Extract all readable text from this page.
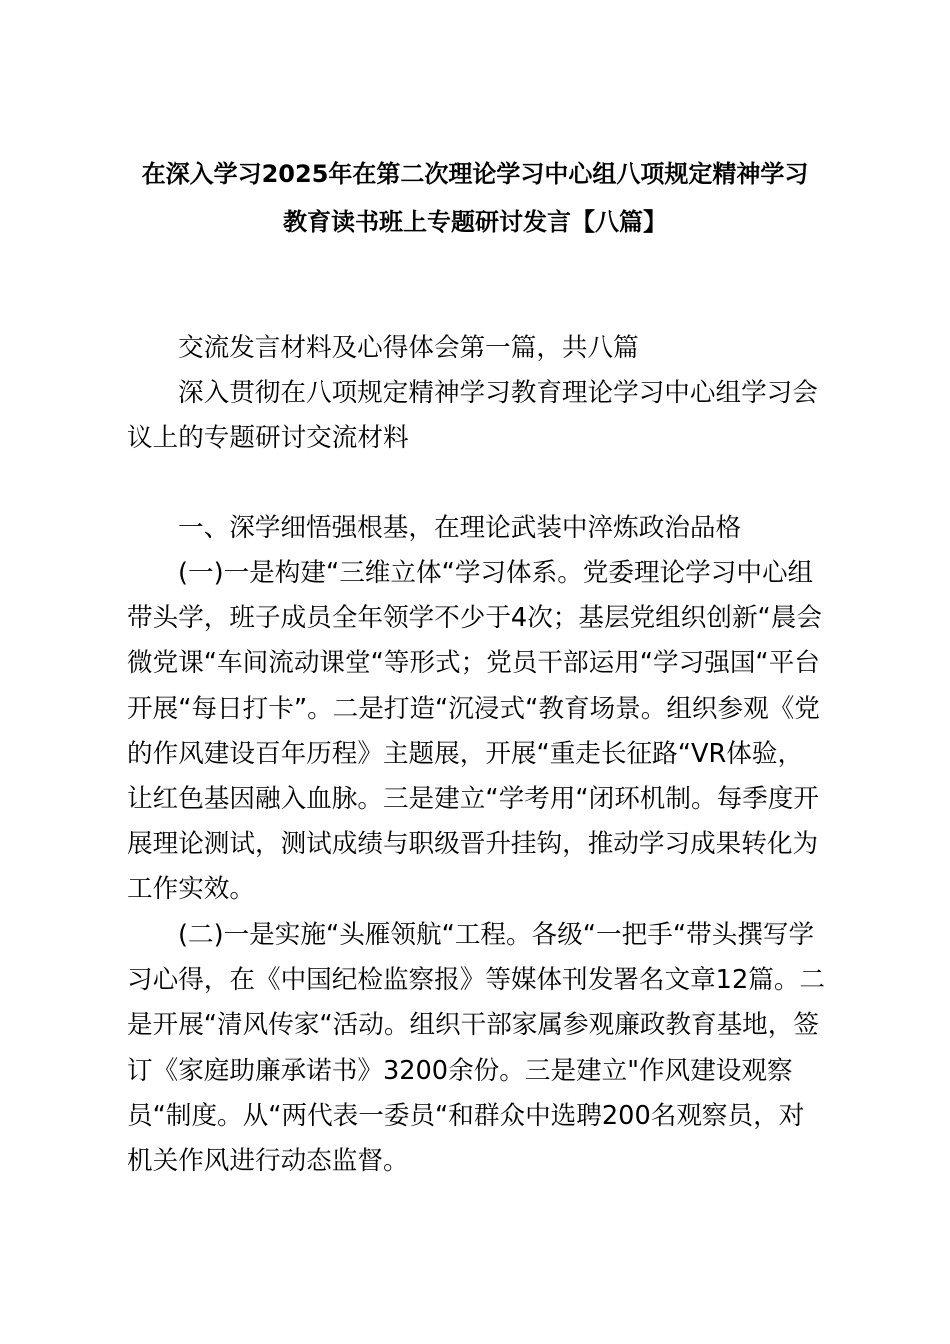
在深入学习2025年在第二次理论学习中心组八项规定精神学习
教育读书班上专题研讨发言【八篇】

交流发言材料及心得体会第一篇，共八篇

深入贯彻在八项规定精神学习教育理论学习中心组学习会议上的专题研讨交流材料

一、深学细悟强根基，在理论武装中淬炼政治品格

(一)一是构建“三维立体“学习体系。党委理论学习中心组带头学，班子成员全年领学不少于4次；基层党组织创新“晨会微党课“车间流动课堂“等形式；党员干部运用“学习强国“平台开展“每日打卡”。二是打造“沉浸式“教育场景。组织参观《党的作风建设百年历程》主题展，开展“重走长征路“VR体验，让红色基因融入血脉。三是建立“学考用“闭环机制。每季度开展理论测试，测试成绩与职级晋升挂钩，推动学习成果转化为工作实效。

(二)一是实施“头雁领航“工程。各级“一把手“带头撰写学习心得，在《中国纪检监察报》等媒体刊发署名文章12篇。二是开展“清风传家“活动。组织干部家属参观廉政教育基地，签订《家庭助廉承诺书》3200余份。三是建立"作风建设观察员“制度。从“两代表一委员“和群众中选聘200名观察员，对机关作风进行动态监督。
